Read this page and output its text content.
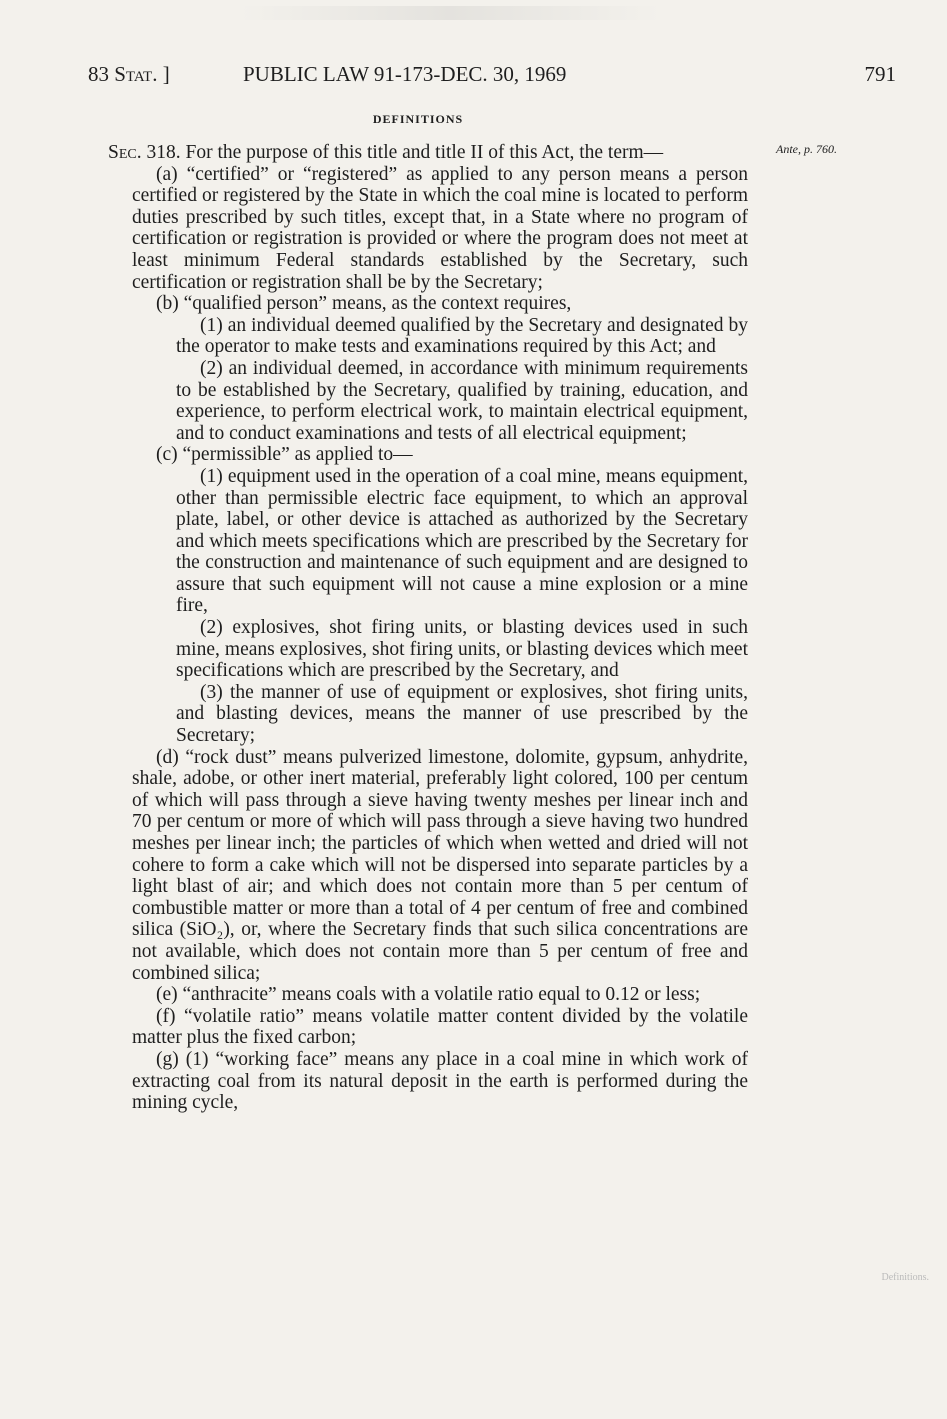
83 Stat. ]	PUBLIC LAW 91-173-DEC. 30, 1969	791
DEFINITIONS
Ante, p. 760.

Sec. 318. For the purpose of this title and title II of this Act, the term—

(a) “certified” or “registered” as applied to any person means a person certified or registered by the State in which the coal mine is located to perform duties prescribed by such titles, except that, in a State where no program of certification or registration is provided or where the program does not meet at least minimum Federal standards established by the Secretary, such certification or registration shall be by the Secretary;

(b) “qualified person” means, as the context requires,

(1) an individual deemed qualified by the Secretary and designated by the operator to make tests and examinations required by this Act; and

(2) an individual deemed, in accordance with minimum requirements to be established by the Secretary, qualified by training, education, and experience, to perform electrical work, to maintain electrical equipment, and to conduct examinations and tests of all electrical equipment;

(c) “permissible” as applied to—

(1) equipment used in the operation of a coal mine, means equipment, other than permissible electric face equipment, to which an approval plate, label, or other device is attached as authorized by the Secretary and which meets specifications which are prescribed by the Secretary for the construction and maintenance of such equipment and are designed to assure that such equipment will not cause a mine explosion or a mine fire,

(2) explosives, shot firing units, or blasting devices used in such mine, means explosives, shot firing units, or blasting devices which meet specifications which are prescribed by the Secretary, and

(3) the manner of use of equipment or explosives, shot firing units, and blasting devices, means the manner of use prescribed by the Secretary;

(d) “rock dust” means pulverized limestone, dolomite, gypsum, anhydrite, shale, adobe, or other inert material, preferably light colored, 100 per centum of which will pass through a sieve having twenty meshes per linear inch and 70 per centum or more of which will pass through a sieve having two hundred meshes per linear inch; the particles of which when wetted and dried will not cohere to form a cake which will not be dispersed into separate particles by a light blast of air; and which does not contain more than 5 per centum of combustible matter or more than a total of 4 per centum of free and combined silica (SiO₂), or, where the Secretary finds that such silica concentrations are not available, which does not contain more than 5 per centum of free and combined silica;

(e) “anthracite” means coals with a volatile ratio equal to 0.12 or less;

(f) “volatile ratio” means volatile matter content divided by the volatile matter plus the fixed carbon;

(g) (1) “working face” means any place in a coal mine in which work of extracting coal from its natural deposit in the earth is performed during the mining cycle,

Definitions.
